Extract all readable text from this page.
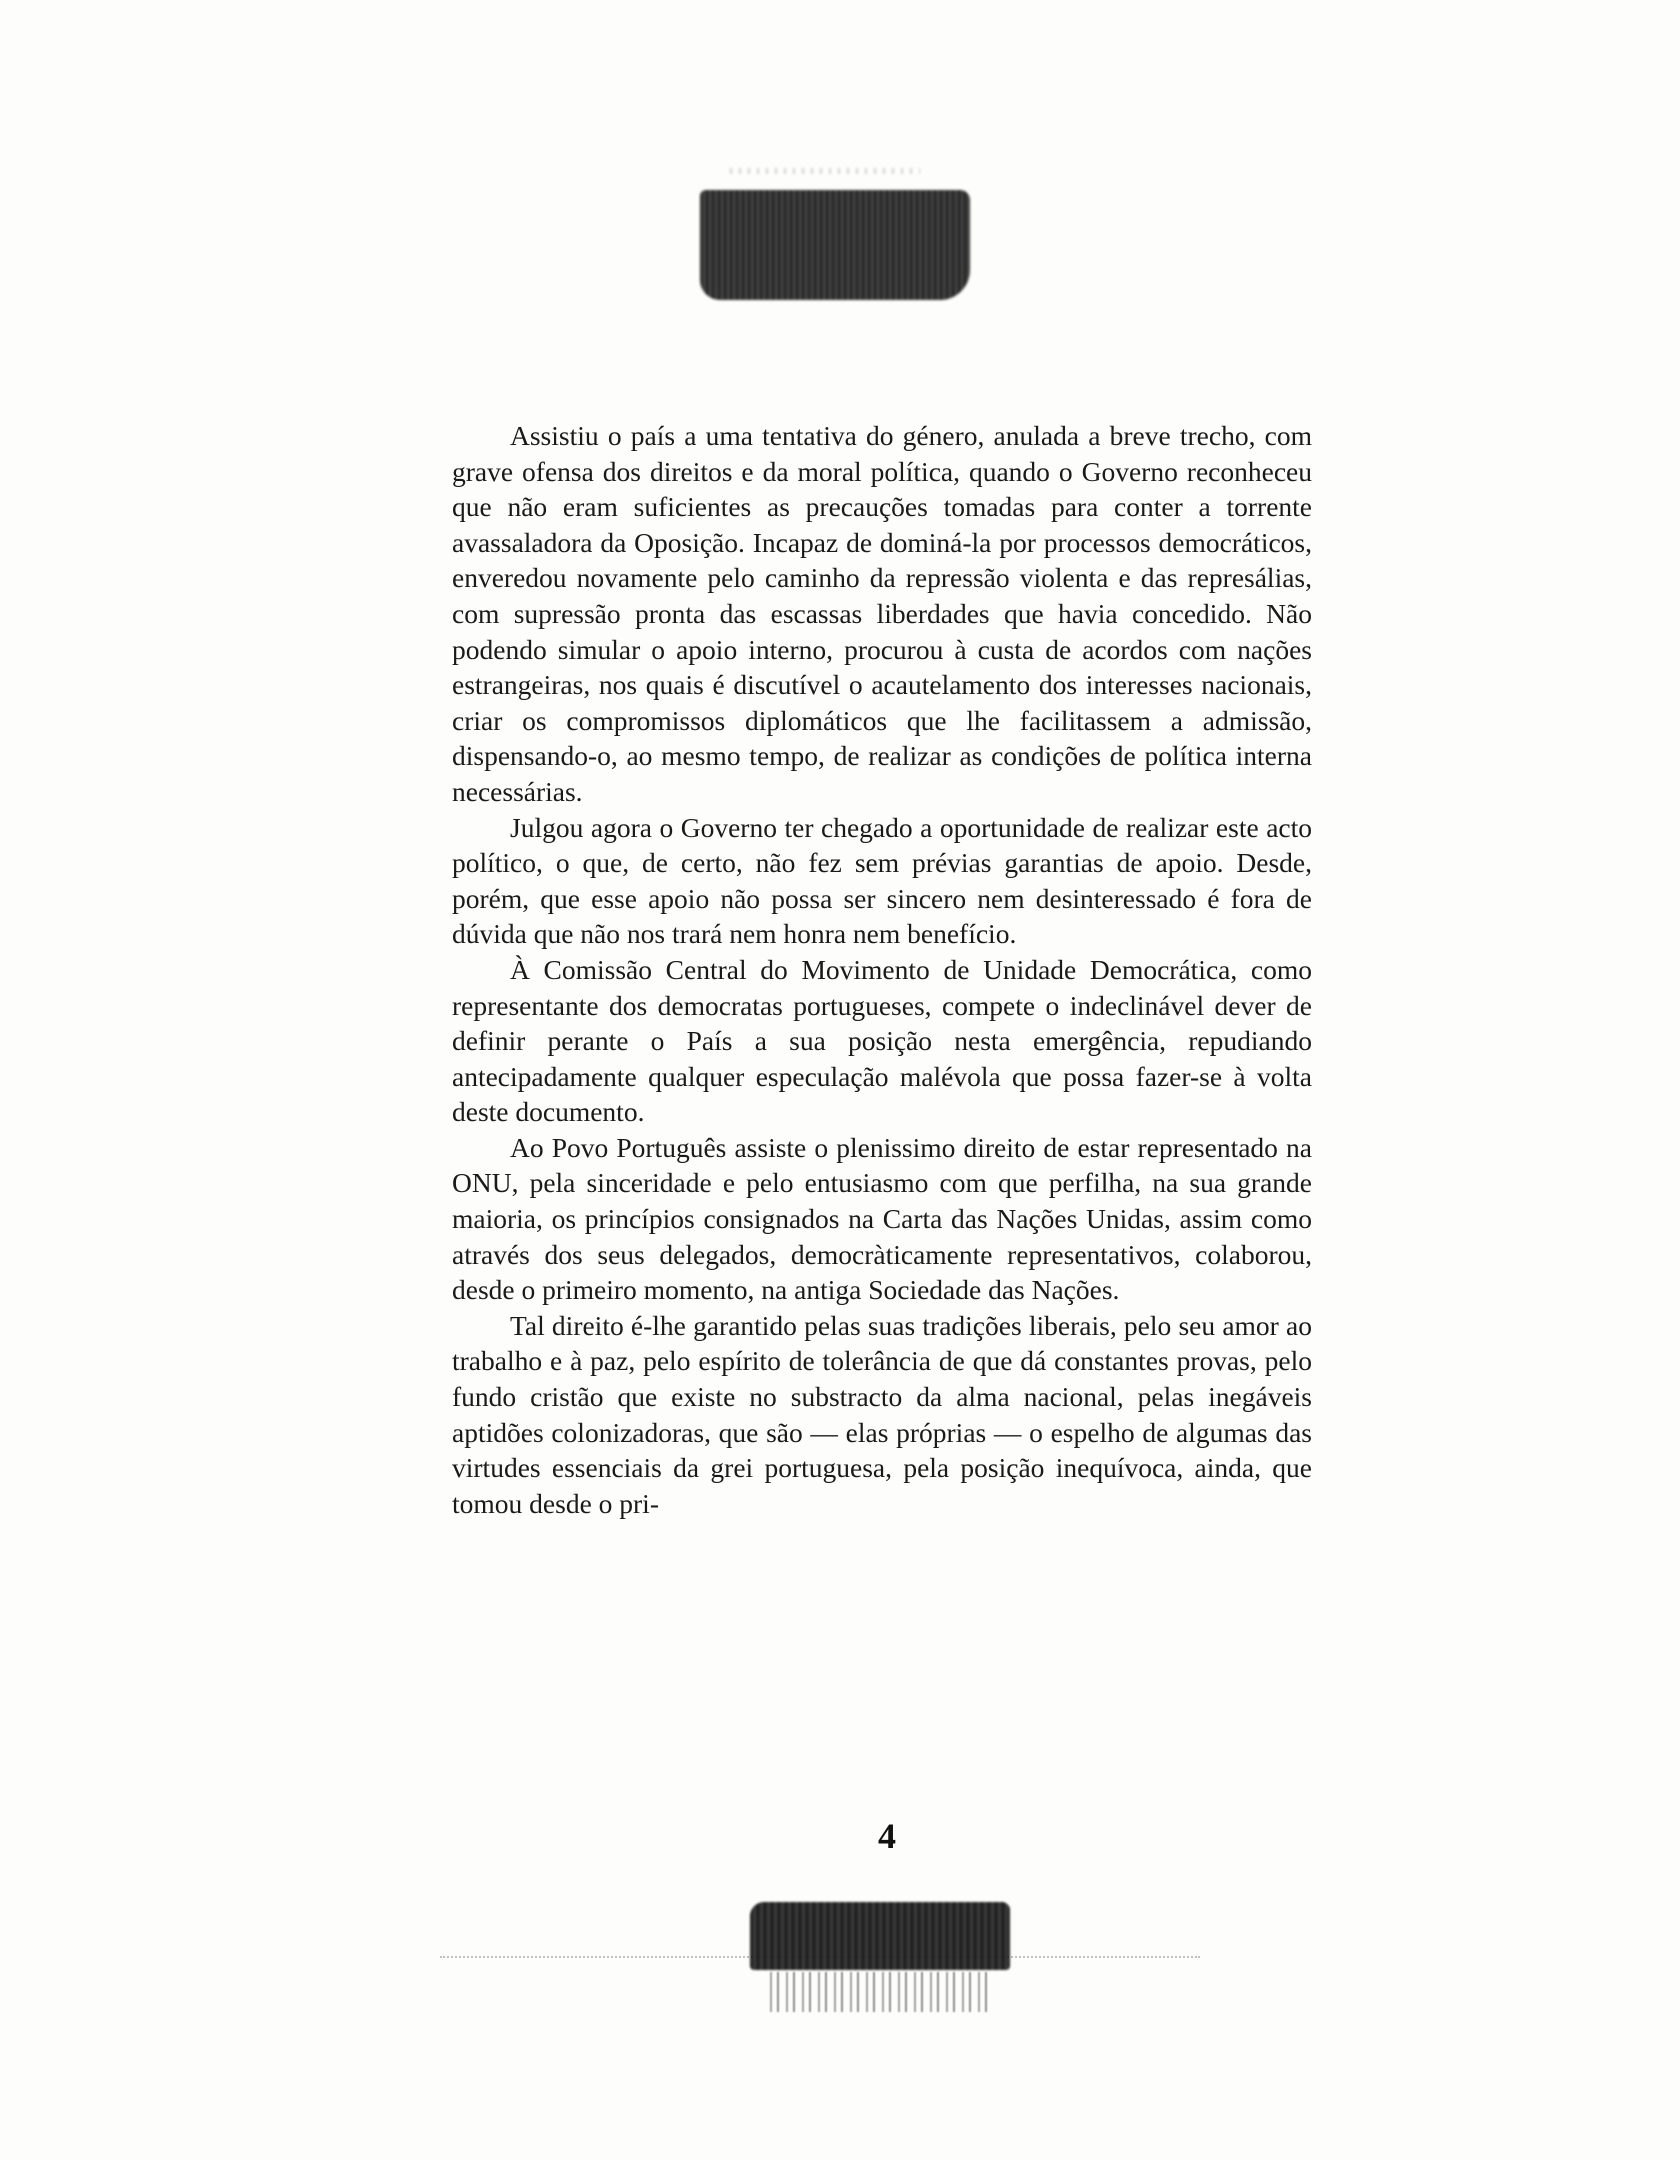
Assistiu o país a uma tentativa do género, anulada a breve trecho, com grave ofensa dos direitos e da moral política, quando o Governo reconheceu que não eram suficientes as precauções tomadas para conter a torrente avassaladora da Oposição. Incapaz de dominá-la por processos democráticos, enveredou novamente pelo caminho da repressão violenta e das represálias, com supressão pronta das escassas liberdades que havia concedido. Não podendo simular o apoio interno, procurou à custa de acordos com nações estrangeiras, nos quais é discutível o acautelamento dos interesses nacionais, criar os compromissos diplomáticos que lhe facilitassem a admissão, dispensando-o, ao mesmo tempo, de realizar as condições de política interna necessárias.

Julgou agora o Governo ter chegado a oportunidade de realizar este acto político, o que, de certo, não fez sem prévias garantias de apoio. Desde, porém, que esse apoio não possa ser sincero nem desinteressado é fora de dúvida que não nos trará nem honra nem benefício.

À Comissão Central do Movimento de Unidade Democrática, como representante dos democratas portugueses, compete o indeclinável dever de definir perante o País a sua posição nesta emergência, repudiando antecipadamente qualquer especulação malévola que possa fazer-se à volta deste documento.

Ao Povo Português assiste o plenissimo direito de estar representado na ONU, pela sinceridade e pelo entusiasmo com que perfilha, na sua grande maioria, os princípios consignados na Carta das Nações Unidas, assim como através dos seus delegados, democràticamente representativos, colaborou, desde o primeiro momento, na antiga Sociedade das Nações.

Tal direito é-lhe garantido pelas suas tradições liberais, pelo seu amor ao trabalho e à paz, pelo espírito de tolerância de que dá constantes provas, pelo fundo cristão que existe no substracto da alma nacional, pelas inegáveis aptidões colonizadoras, que são — elas próprias — o espelho de algumas das virtudes essenciais da grei portuguesa, pela posição inequívoca, ainda, que tomou desde o pri-

4
